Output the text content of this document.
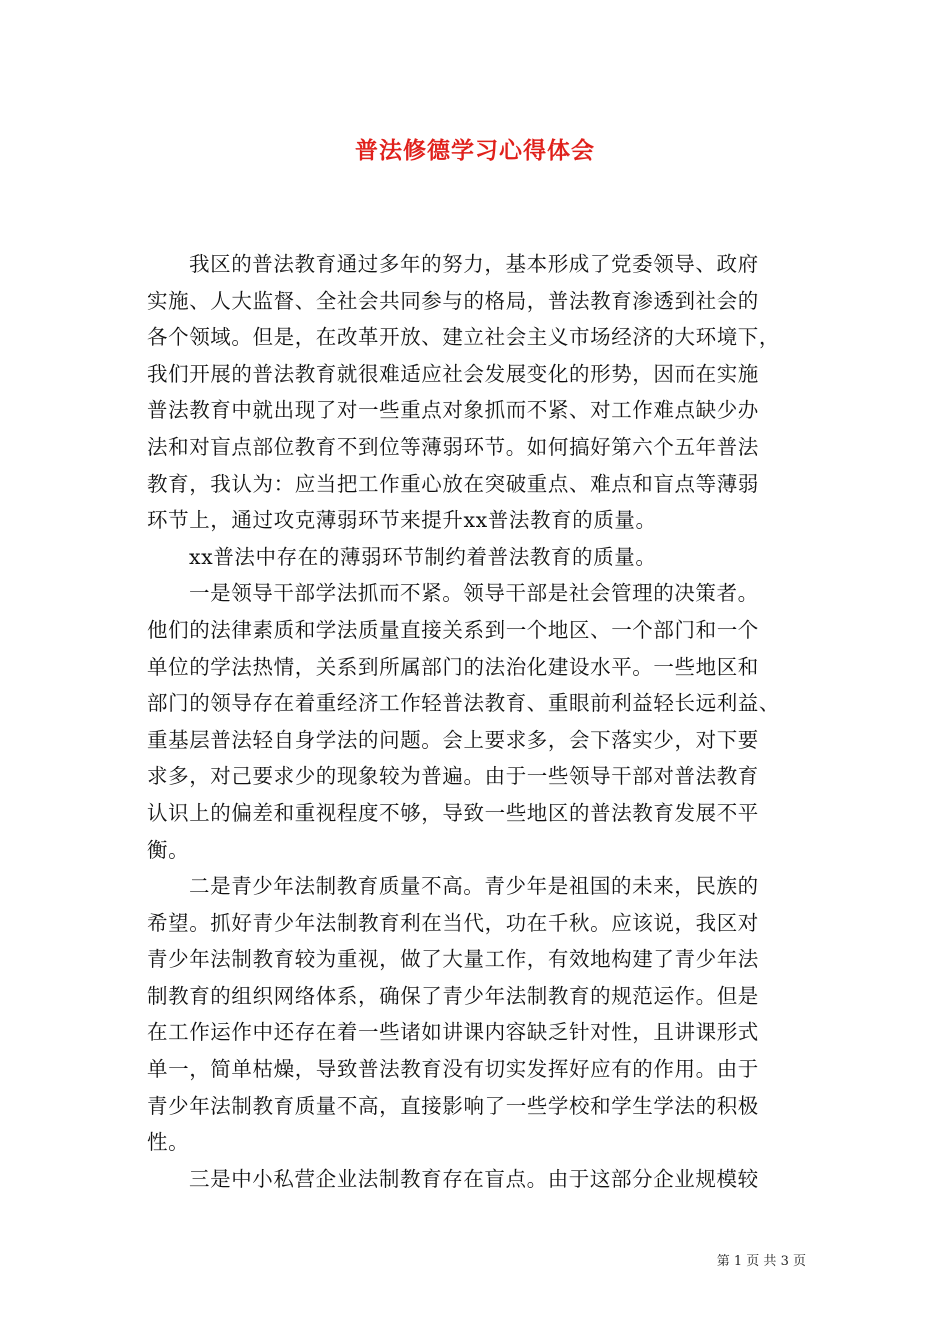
普法修德学习心得体会
我区的普法教育通过多年的努力，基本形成了党委领导、政府
实施、人大监督、全社会共同参与的格局，普法教育渗透到社会的
各个领域。但是，在改革开放、建立社会主义市场经济的大环境下，
我们开展的普法教育就很难适应社会发展变化的形势，因而在实施
普法教育中就出现了对一些重点对象抓而不紧、对工作难点缺少办
法和对盲点部位教育不到位等薄弱环节。如何搞好第六个五年普法
教育，我认为：应当把工作重心放在突破重点、难点和盲点等薄弱
环节上，通过攻克薄弱环节来提升xx普法教育的质量。
xx普法中存在的薄弱环节制约着普法教育的质量。
一是领导干部学法抓而不紧。领导干部是社会管理的决策者。
他们的法律素质和学法质量直接关系到一个地区、一个部门和一个
单位的学法热情，关系到所属部门的法治化建设水平。一些地区和
部门的领导存在着重经济工作轻普法教育、重眼前利益轻长远利益、
重基层普法轻自身学法的问题。会上要求多，会下落实少，对下要
求多，对己要求少的现象较为普遍。由于一些领导干部对普法教育
认识上的偏差和重视程度不够，导致一些地区的普法教育发展不平
衡。
二是青少年法制教育质量不高。青少年是祖国的未来，民族的
希望。抓好青少年法制教育利在当代，功在千秋。应该说，我区对
青少年法制教育较为重视，做了大量工作，有效地构建了青少年法
制教育的组织网络体系，确保了青少年法制教育的规范运作。但是
在工作运作中还存在着一些诸如讲课内容缺乏针对性，且讲课形式
单一，简单枯燥，导致普法教育没有切实发挥好应有的作用。由于
青少年法制教育质量不高，直接影响了一些学校和学生学法的积极
性。
三是中小私营企业法制教育存在盲点。由于这部分企业规模较
第 1 页 共 3 页
